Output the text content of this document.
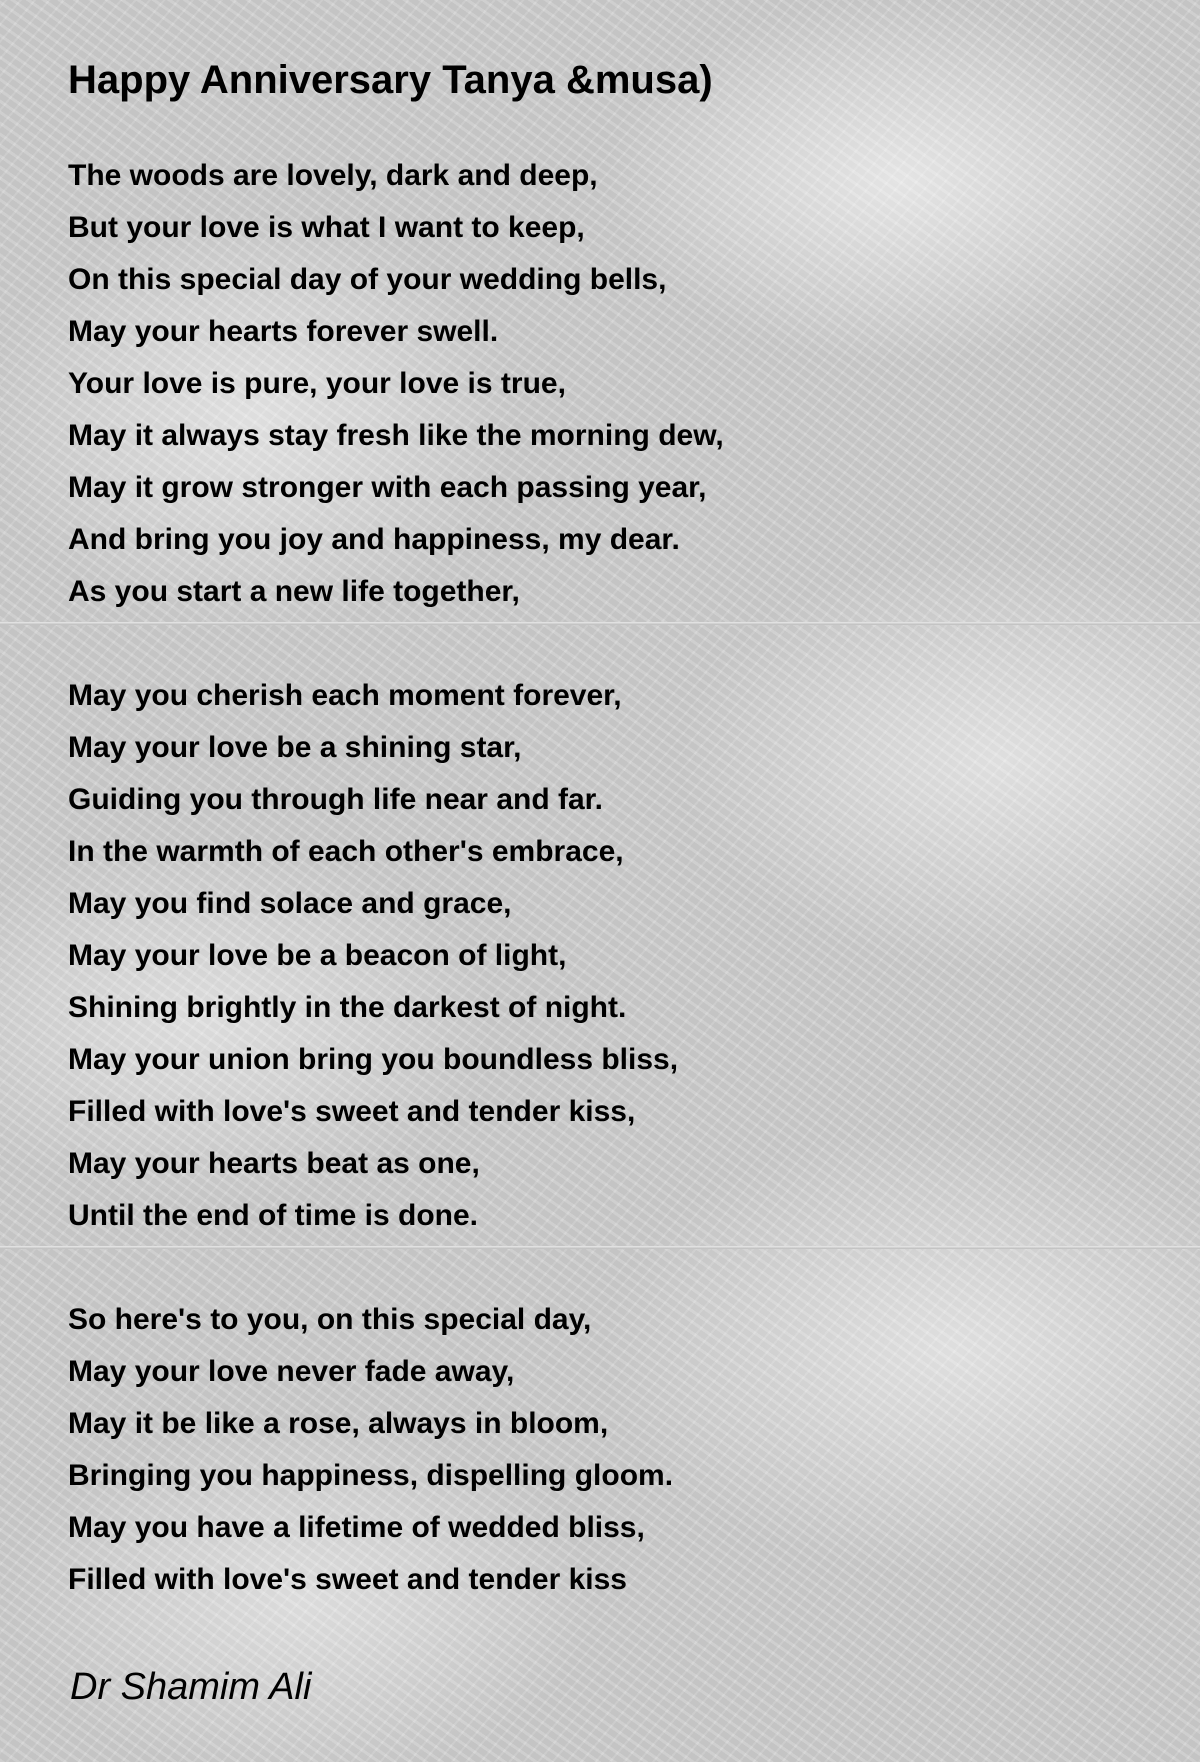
Happy Anniversary Tanya &musa)
The woods are lovely, dark and deep,
But your love is what I want to keep,
On this special day of your wedding bells,
May your hearts forever swell.
Your love is pure, your love is true,
May it always stay fresh like the morning dew,
May it grow stronger with each passing year,
And bring you joy and happiness, my dear.
As you start a new life together,
May you cherish each moment forever,
May your love be a shining star,
Guiding you through life near and far.
In the warmth of each other's embrace,
May you find solace and grace,
May your love be a beacon of light,
Shining brightly in the darkest of night.
May your union bring you boundless bliss,
Filled with love's sweet and tender kiss,
May your hearts beat as one,
Until the end of time is done.
So here's to you, on this special day,
May your love never fade away,
May it be like a rose, always in bloom,
Bringing you happiness, dispelling gloom.
May you have a lifetime of wedded bliss,
Filled with love's sweet and tender kiss
Dr Shamim Ali
